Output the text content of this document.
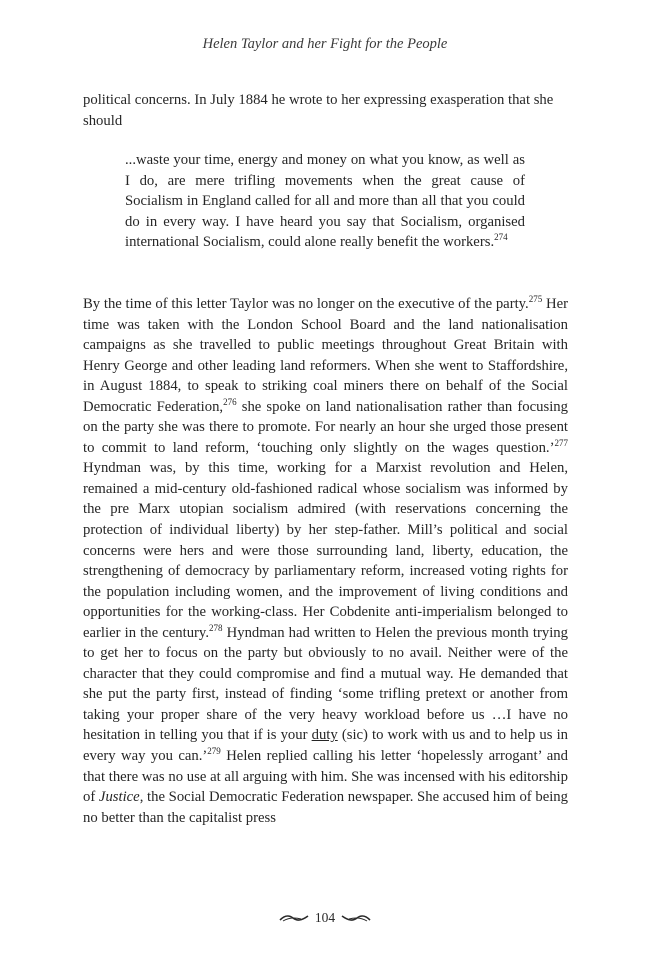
Helen Taylor and her Fight for the People

political concerns. In July 1884 he wrote to her expressing exasperation that she should

...waste your time, energy and money on what you know, as well as I do, are mere trifling movements when the great cause of Socialism in England called for all and more than all that you could do in every way. I have heard you say that Socialism, organised international Socialism, could alone really benefit the workers.$^{274}$

By the time of this letter Taylor was no longer on the executive of the party.$^{275}$ Her time was taken with the London School Board and the land nationalisation campaigns as she travelled to public meetings throughout Great Britain with Henry George and other leading land reformers. When she went to Staffordshire, in August 1884, to speak to striking coal miners there on behalf of the Social Democratic Federation,$^{276}$ she spoke on land nationalisation rather than focusing on the party she was there to promote. For nearly an hour she urged those present to commit to land reform, ‘touching only slightly on the wages question.’$^{277}$ Hyndman was, by this time, working for a Marxist revolution and Helen, remained a mid-century old-fashioned radical whose socialism was informed by the pre Marx utopian socialism admired (with reservations concerning the protection of individual liberty) by her step-father. Mill’s political and social concerns were hers and were those surrounding land, liberty, education, the strengthening of democracy by parliamentary reform, increased voting rights for the population including women, and the improvement of living conditions and opportunities for the working-class. Her Cobdenite anti-imperialism belonged to earlier in the century.$^{278}$ Hyndman had written to Helen the previous month trying to get her to focus on the party but obviously to no avail. Neither were of the character that they could compromise and find a mutual way. He demanded that she put the party first, instead of finding ‘some trifling pretext or another from taking your proper share of the very heavy workload before us …I have no hesitation in telling you that if is your duty (sic) to work with us and to help us in every way you can.’$^{279}$ Helen replied calling his letter ‘hopelessly arrogant’ and that there was no use at all arguing with him. She was incensed with his editorship of Justice, the Social Democratic Federation newspaper. She accused him of being no better than the capitalist press

104
